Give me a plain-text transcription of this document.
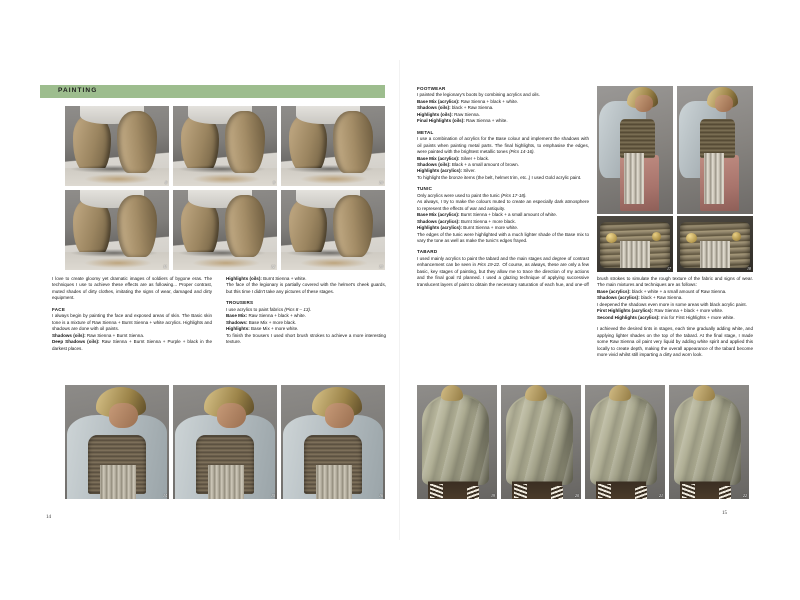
PAINTING
8	9	10
11	12	13

I love to create gloomy yet dramatic images of soldiers of bygone eras. The techniques I use to achieve these effects are as following... Proper contrast, muted shades of dirty clothes, imitating the signs of wear, damaged and dirty equipment.

FACE

I always begin by painting the face and exposed areas of skin. The Basic skin tone is a mixture of Raw Sienna + Burnt Sienna + white acrylics. Highlights and shadows are done with oil paints.

Shadows (oils): Raw Sienna + Burnt Sienna.

Deep Shadows (oils): Raw Sienna + Burnt Sienna + Purple + black in the darkest places.

Highlights (oils): Burnt Sienna + white.

The face of the legionary is partially covered with the helmet's cheek guards, but this time I didn't take any pictures of these stages.

TROUSERS

I use acrylics to paint fabrics (Pics 8 – 13).

Base Mix: Raw Sienna + black + white.

Shadows: Base Mix + more black.

Highlights: Base Mix + more white.

To finish the trousers I used short brush strokes to achieve a more interesting texture.

14	15	16
14
17	18

FOOTWEAR

I painted the legionary's boots by combining acrylics and oils.

Base Mix (acrylics): Raw Sienna + black + white.

Shadows (oils): black + Raw Sienna.

Highlights (oils): Raw Sienna.

Final Highlights (oils): Raw Sienna + white.

METAL

I use a combination of acrylics for the Base colour and implement the shadows with oil paints when painting metal parts. The final highlights, to emphasise the edges, were painted with the brightest metallic tones (Pics 14-16).

Base Mix (acrylics): Silver + black.

Shadows (oils): Black + a small amount of brown.

Highlights (acrylics): Silver.

To highlight the bronze items (the belt, helmet trim, etc.,) I used Gold acrylic paint.

TUNIC

Only acrylics were used to paint the tunic (Pics 17-18).

As always, I try to make the colours muted to create an especially dark atmosphere to represent the effects of war and antiquity.

Base Mix (acrylics): Burnt Sienna + black + a small amount of white.

Shadows (acrylics): Burnt Sienna + more black.

Highlights (acrylics): Burnt Sienna + more white.

The edges of the tunic were highlighted with a much lighter shade of the Base mix to vary the tone as well as make the tunic's edges frayed.

TABARD

I used mainly acrylics to paint the tabard and the main stages and degree of contrast enhancement can be seen in Pics 19-22. Of course, as always, these are only a few basic, key stages of painting, but they allow me to trace the direction of my actions and the final goal I'd planned. I used a glazing technique of applying successive translucent layers of paint to obtain the necessary saturation of each hue, and one-off

brush strokes to simulate the rough texture of the fabric and signs of wear. The main mixtures and techniques are as follows:

Base (acrylics): black + white + a small amount of Raw Sienna.

Shadows (acrylics): black + Raw Sienna.

I deepened the shadows even more in some areas with black acrylic paint.

First Highlights (acrylics): Raw Sienna + black + more white.

Second Highlights (acrylics): mix for First Highlights + more white.

I achieved the desired tints in stages, each time gradually adding white, and applying lighter shades on the top of the tabard. At the final stage, I made some Raw Sienna oil paint very liquid by adding white spirit and applied this locally to create depth, making the overall appearance of the tabard become more vivid whilst still imparting a dirty and worn look.

19	20	21	22
15
